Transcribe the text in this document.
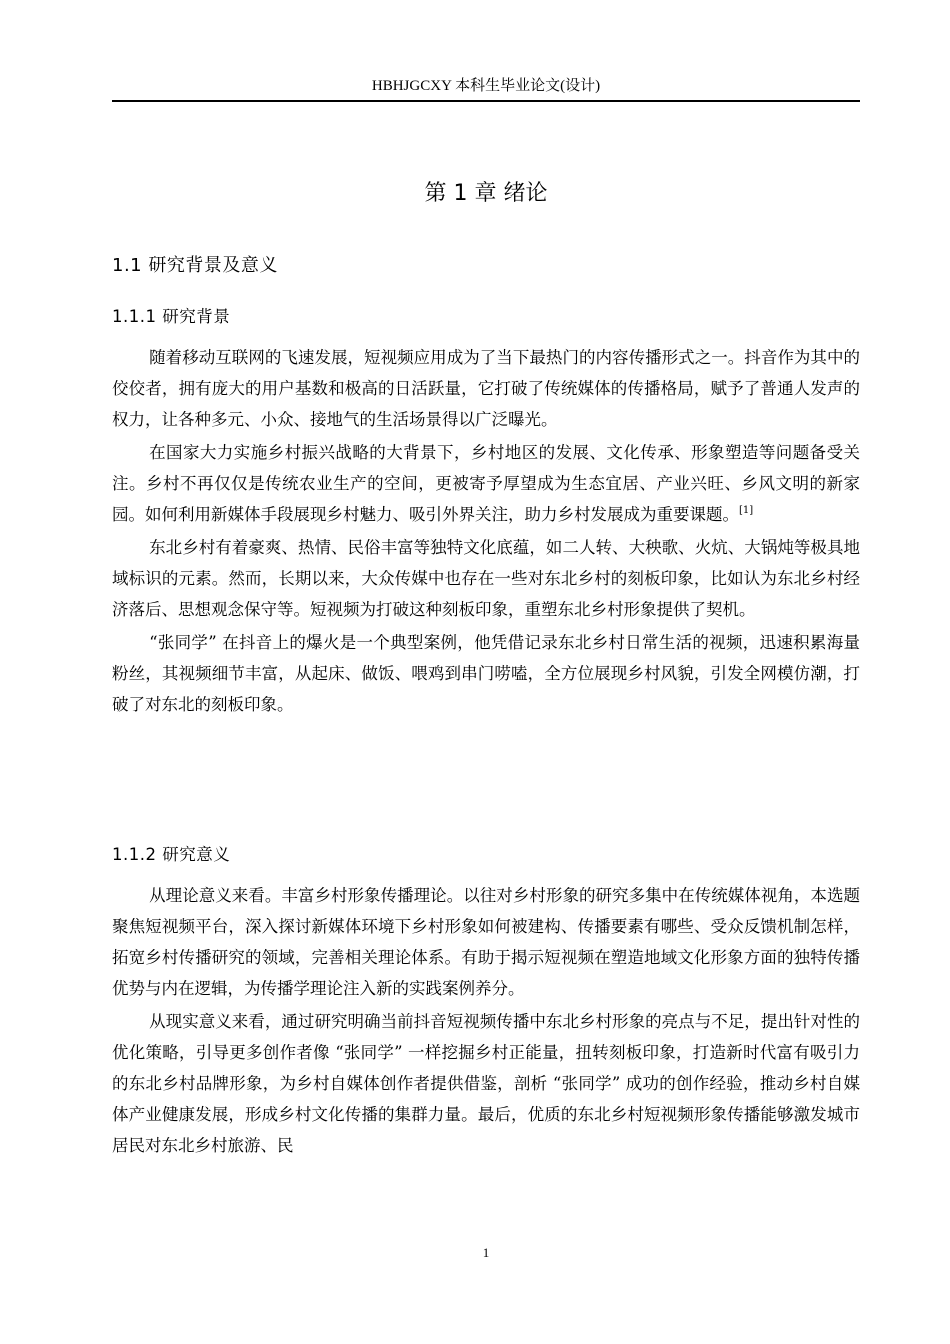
HBHJGCXY 本科生毕业论文(设计)
第 1 章 绪论
1.1 研究背景及意义
1.1.1 研究背景

随着移动互联网的飞速发展，短视频应用成为了当下最热门的内容传播形式之一。抖音作为其中的佼佼者，拥有庞大的用户基数和极高的日活跃量，它打破了传统媒体的传播格局，赋予了普通人发声的权力，让各种多元、小众、接地气的生活场景得以广泛曝光。

在国家大力实施乡村振兴战略的大背景下，乡村地区的发展、文化传承、形象塑造等问题备受关注。乡村不再仅仅是传统农业生产的空间，更被寄予厚望成为生态宜居、产业兴旺、乡风文明的新家园。如何利用新媒体手段展现乡村魅力、吸引外界关注，助力乡村发展成为重要课题。[1]

东北乡村有着豪爽、热情、民俗丰富等独特文化底蕴，如二人转、大秧歌、火炕、大锅炖等极具地域标识的元素。然而，长期以来，大众传媒中也存在一些对东北乡村的刻板印象，比如认为东北乡村经济落后、思想观念保守等。短视频为打破这种刻板印象，重塑东北乡村形象提供了契机。

“张同学” 在抖音上的爆火是一个典型案例，他凭借记录东北乡村日常生活的视频，迅速积累海量粉丝，其视频细节丰富，从起床、做饭、喂鸡到串门唠嗑，全方位展现乡村风貌，引发全网模仿潮，打破了对东北的刻板印象。

1.1.2 研究意义

从理论意义来看。丰富乡村形象传播理论。以往对乡村形象的研究多集中在传统媒体视角，本选题聚焦短视频平台，深入探讨新媒体环境下乡村形象如何被建构、传播要素有哪些、受众反馈机制怎样，拓宽乡村传播研究的领域，完善相关理论体系。有助于揭示短视频在塑造地域文化形象方面的独特传播优势与内在逻辑，为传播学理论注入新的实践案例养分。

从现实意义来看，通过研究明确当前抖音短视频传播中东北乡村形象的亮点与不足，提出针对性的优化策略，引导更多创作者像 “张同学” 一样挖掘乡村正能量，扭转刻板印象，打造新时代富有吸引力的东北乡村品牌形象，为乡村自媒体创作者提供借鉴，剖析 “张同学” 成功的创作经验，推动乡村自媒体产业健康发展，形成乡村文化传播的集群力量。最后，优质的东北乡村短视频形象传播能够激发城市居民对东北乡村旅游、民

1
